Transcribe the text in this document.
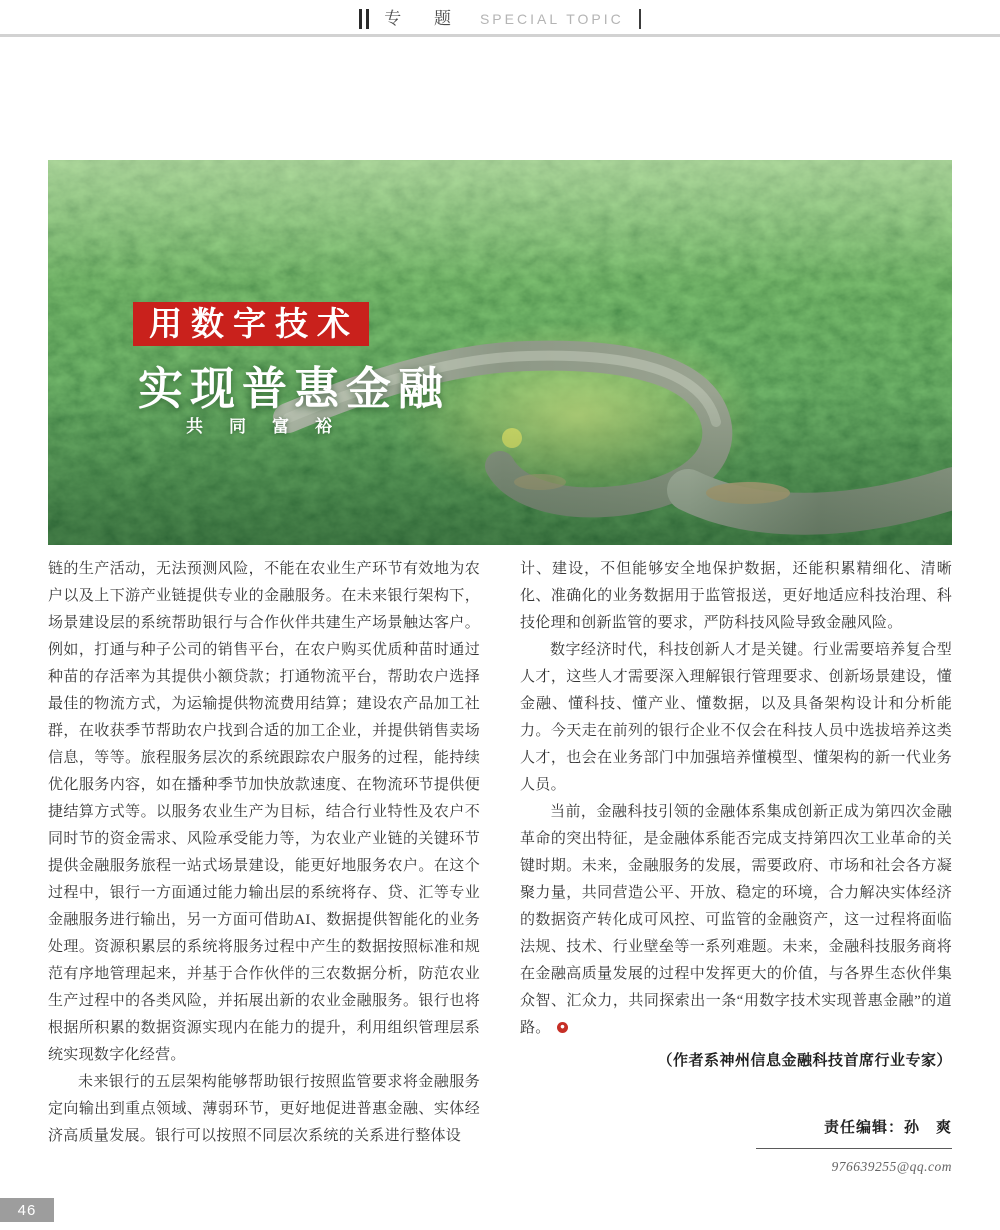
专 题 SPECIAL TOPIC
用数字技术
实现普惠金融
共同富裕

链的生产活动，无法预测风险，不能在农业生产环节有效地为农户以及上下游产业链提供专业的金融服务。在未来银行架构下，场景建设层的系统帮助银行与合作伙伴共建生产场景触达客户。例如，打通与种子公司的销售平台，在农户购买优质种苗时通过种苗的存活率为其提供小额贷款；打通物流平台，帮助农户选择最佳的物流方式，为运输提供物流费用结算；建设农产品加工社群，在收获季节帮助农户找到合适的加工企业，并提供销售卖场信息，等等。旅程服务层次的系统跟踪农户服务的过程，能持续优化服务内容，如在播种季节加快放款速度、在物流环节提供便捷结算方式等。以服务农业生产为目标，结合行业特性及农户不同时节的资金需求、风险承受能力等，为农业产业链的关键环节提供金融服务旅程一站式场景建设，能更好地服务农户。在这个过程中，银行一方面通过能力输出层的系统将存、贷、汇等专业金融服务进行输出，另一方面可借助AI、数据提供智能化的业务处理。资源积累层的系统将服务过程中产生的数据按照标准和规范有序地管理起来，并基于合作伙伴的三农数据分析，防范农业生产过程中的各类风险，并拓展出新的农业金融服务。银行也将根据所积累的数据资源实现内在能力的提升，利用组织管理层系统实现数字化经营。

未来银行的五层架构能够帮助银行按照监管要求将金融服务定向输出到重点领域、薄弱环节，更好地促进普惠金融、实体经济高质量发展。银行可以按照不同层次系统的关系进行整体设

计、建设，不但能够安全地保护数据，还能积累精细化、清晰化、准确化的业务数据用于监管报送，更好地适应科技治理、科技伦理和创新监管的要求，严防科技风险导致金融风险。

数字经济时代，科技创新人才是关键。行业需要培养复合型人才，这些人才需要深入理解银行管理要求、创新场景建设，懂金融、懂科技、懂产业、懂数据，以及具备架构设计和分析能力。今天走在前列的银行企业不仅会在科技人员中选拔培养这类人才，也会在业务部门中加强培养懂模型、懂架构的新一代业务人员。

当前，金融科技引领的金融体系集成创新正成为第四次金融革命的突出特征，是金融体系能否完成支持第四次工业革命的关键时期。未来，金融服务的发展，需要政府、市场和社会各方凝聚力量，共同营造公平、开放、稳定的环境，合力解决实体经济的数据资产转化成可风控、可监管的金融资产，这一过程将面临法规、技术、行业壁垒等一系列难题。未来，金融科技服务商将在金融高质量发展的过程中发挥更大的价值，与各界生态伙伴集众智、汇众力，共同探索出一条“用数字技术实现普惠金融”的道路。

（作者系神州信息金融科技首席行业专家）
责任编辑：孙　爽
976639255@qq.com
46
